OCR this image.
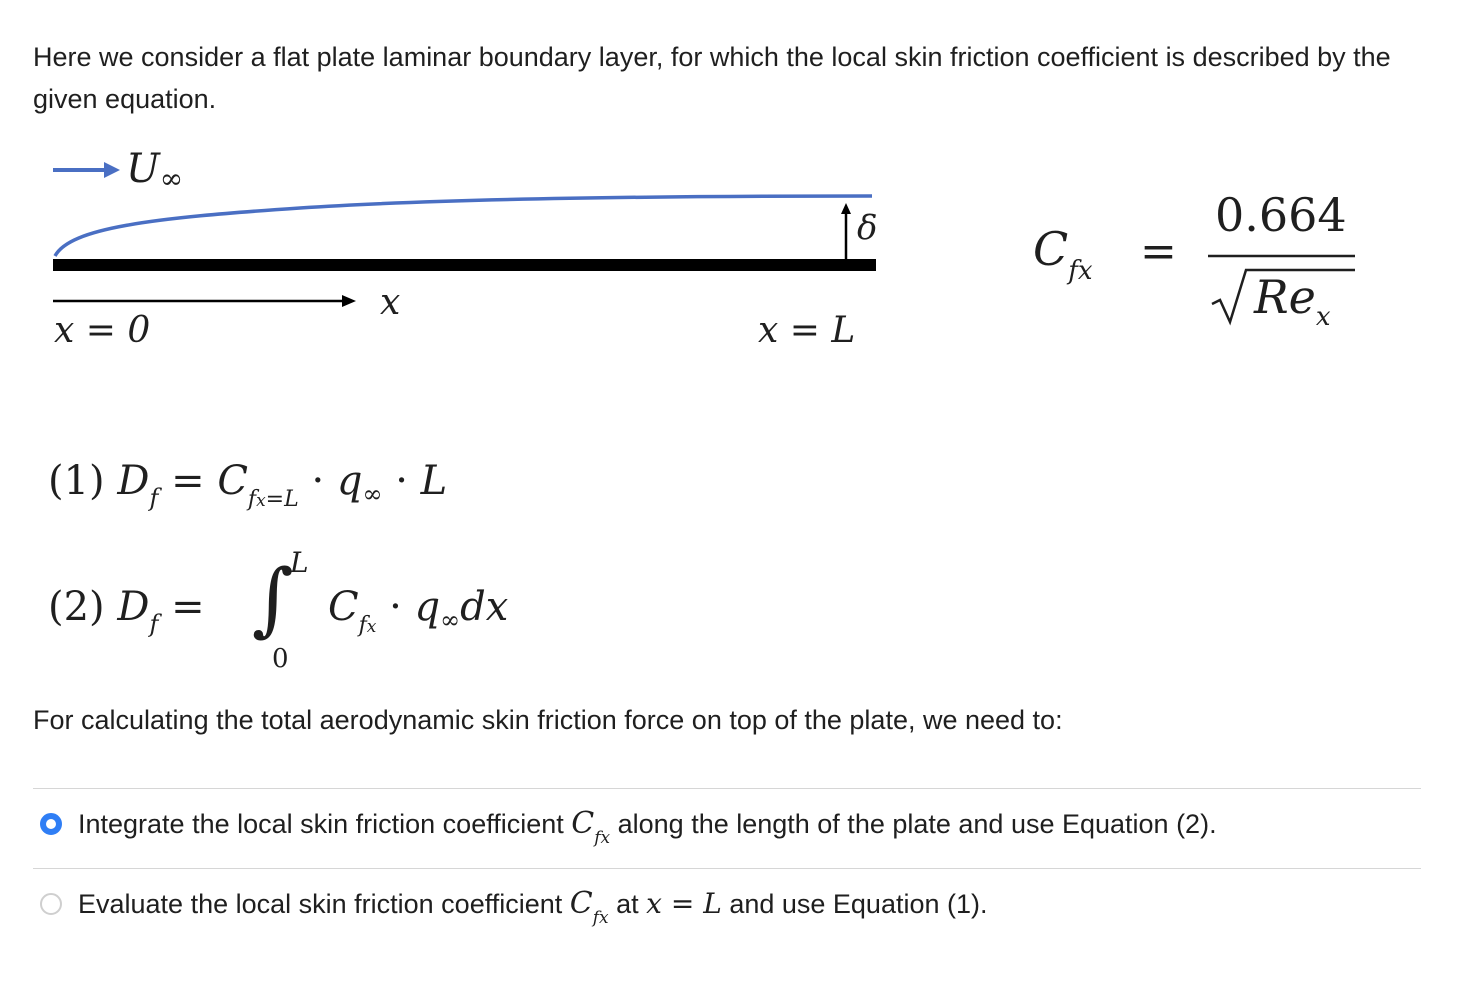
Here we consider a flat plate laminar boundary layer, for which the local skin friction coefficient is described by the given equation.

U∞
δ
x
x = 0	x = L
$C_{fx}$ =
0.664
$Re_x$
(1) $D_f = C_{fx=L} \cdot q_\infty \cdot L$
(2) $D_f$ = ∫
L
0
$C_{fx} \cdot q_\infty dx$

For calculating the total aerodynamic skin friction force on top of the plate, we need to:

Integrate the local skin friction coefficient $C_{fx}$ along the length of the plate and use Equation (2).
Evaluate the local skin friction coefficient $C_{fx}$ at x = L and use Equation (1).
